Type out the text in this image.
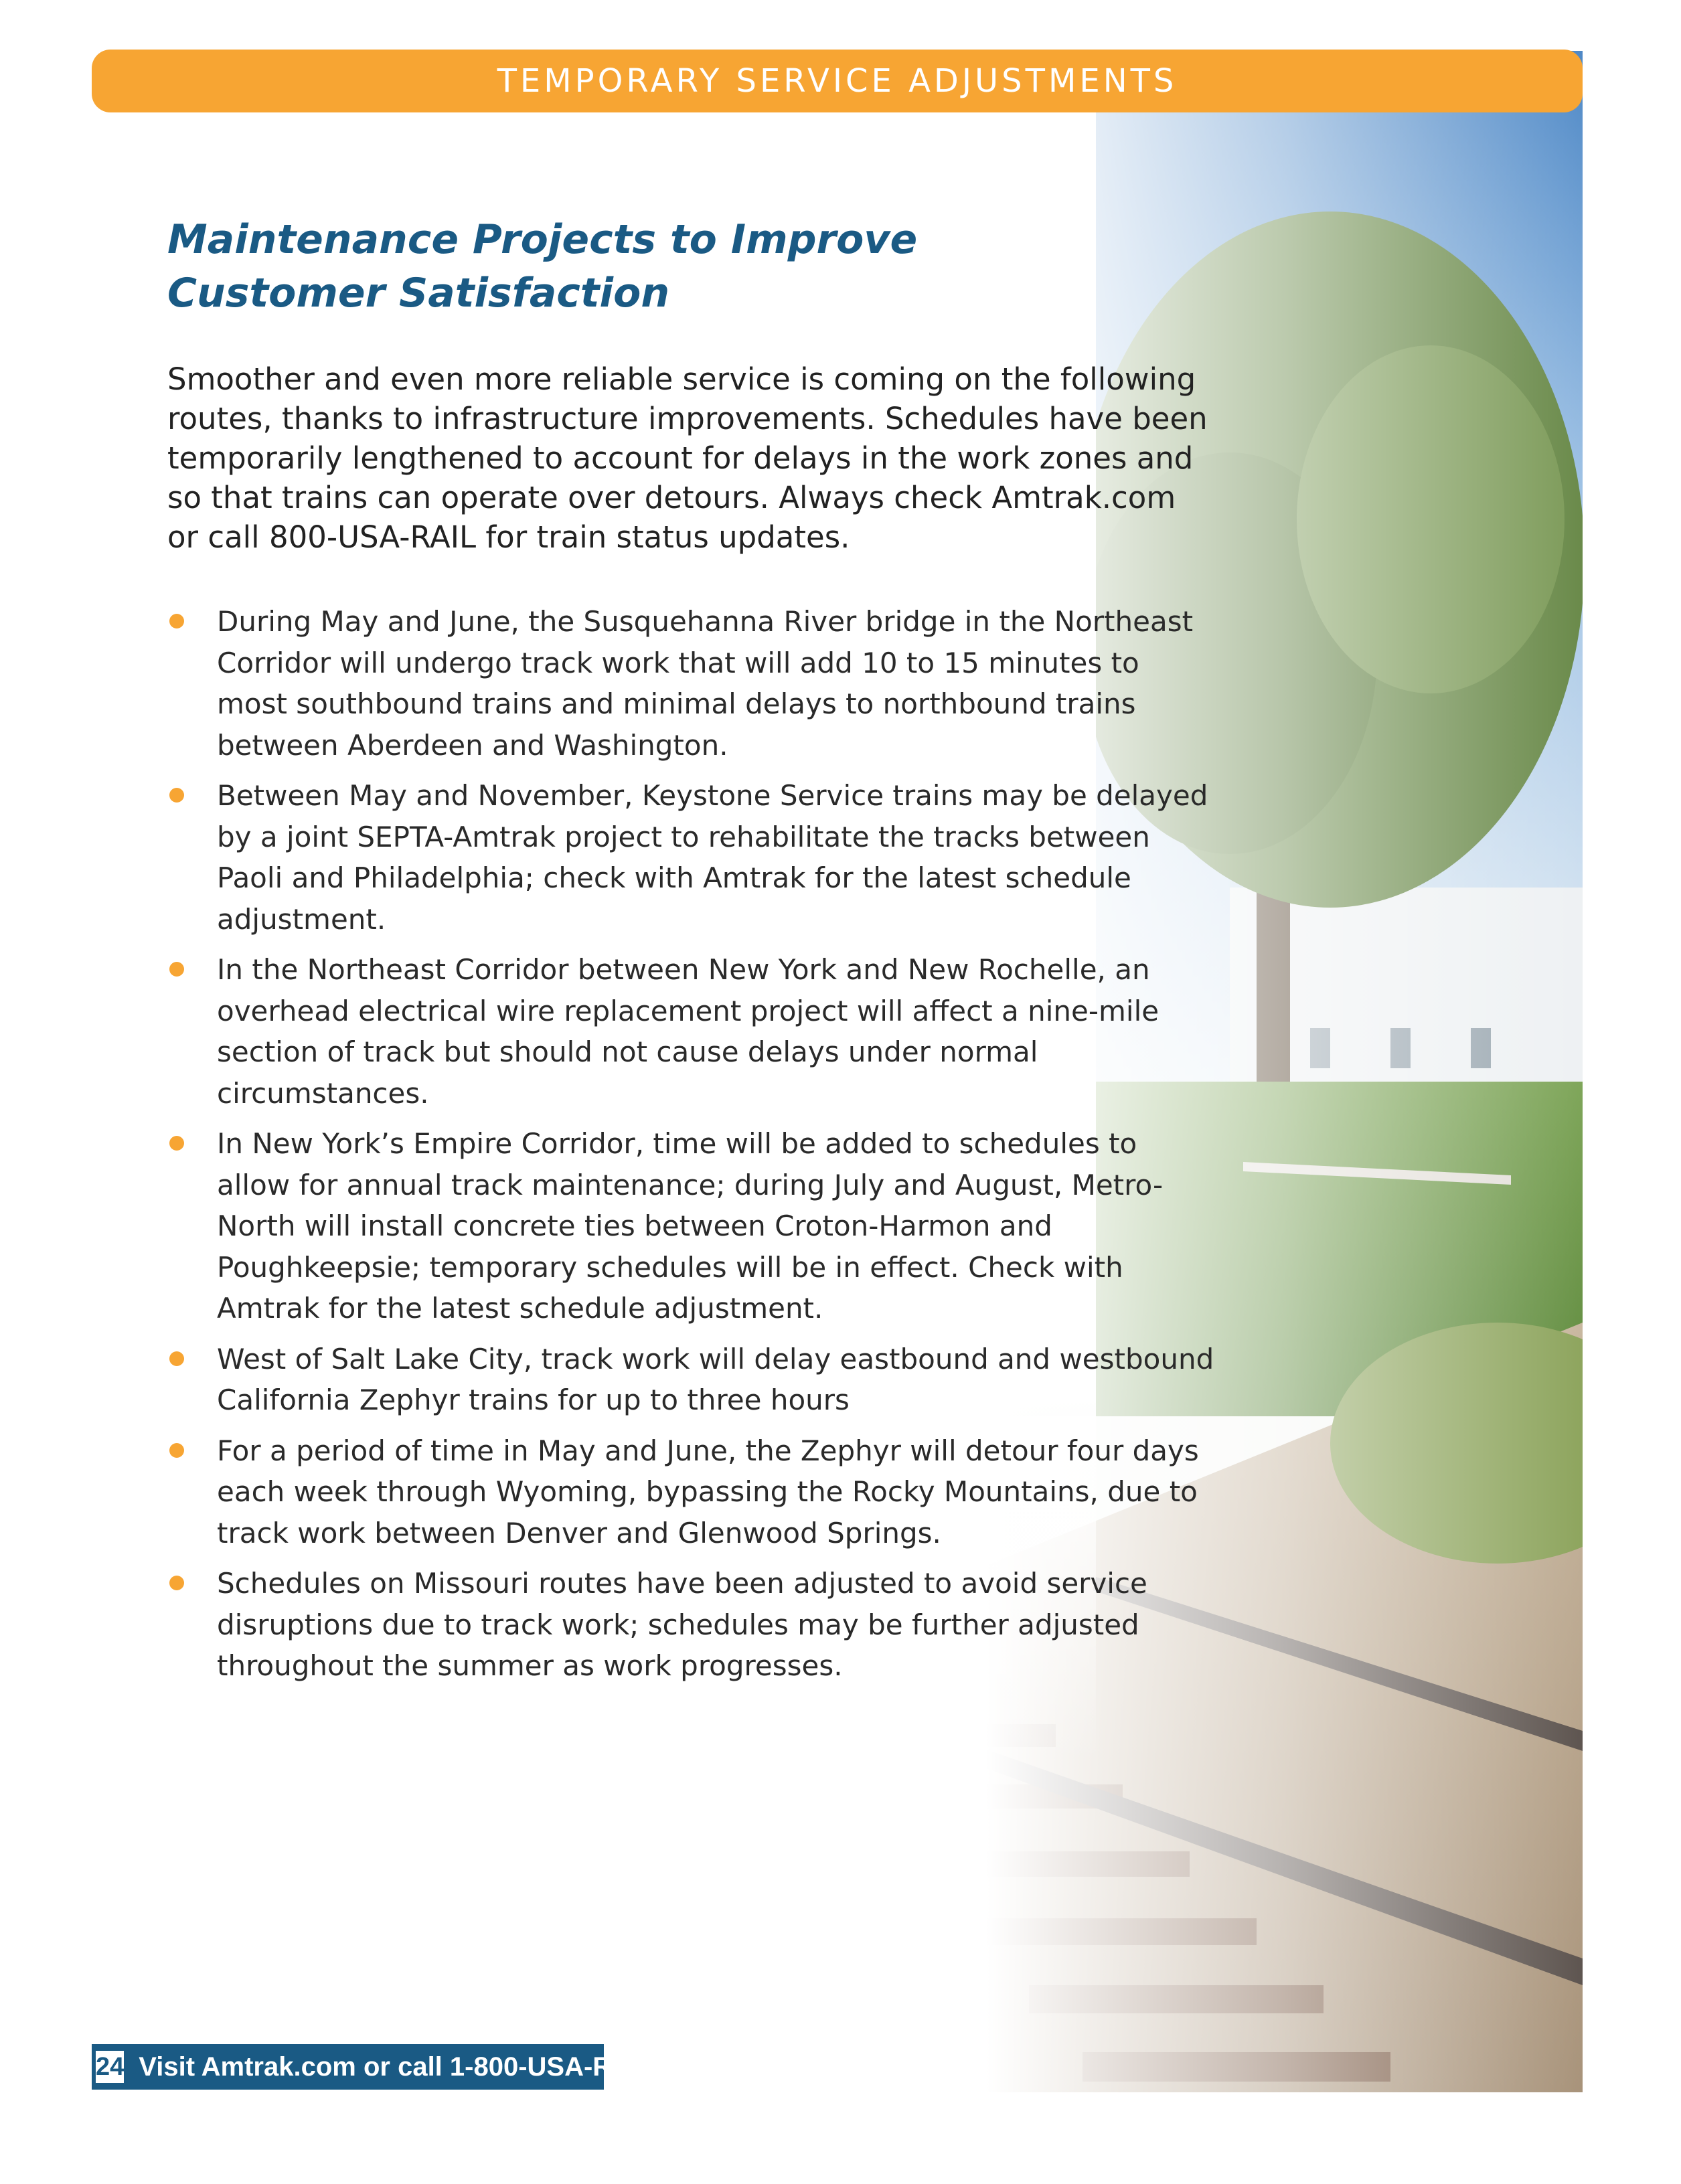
TEMPORARY SERVICE ADJUSTMENTS
Maintenance Projects to Improve
Customer Satisfaction
Smoother and even more reliable service is coming on the following
routes, thanks to infrastructure improvements. Schedules have been
temporarily lengthened to account for delays in the work zones and
so that trains can operate over detours. Always check Amtrak.com
or call 800-USA-RAIL for train status updates.
During May and June, the Susquehanna River bridge in the Northeast
Corridor will undergo track work that will add 10 to 15 minutes to
most southbound trains and minimal delays to northbound trains
between Aberdeen and Washington.
Between May and November, Keystone Service trains may be delayed
by a joint SEPTA-Amtrak project to rehabilitate the tracks between
Paoli and Philadelphia; check with Amtrak for the latest schedule
adjustment.
In the Northeast Corridor between New York and New Rochelle, an
overhead electrical wire replacement project will affect a nine-mile
section of track but should not cause delays under normal
circumstances.
In New York’s Empire Corridor, time will be added to schedules to
allow for annual track maintenance; during July and August, Metro-
North will install concrete ties between Croton-Harmon and
Poughkeepsie; temporary schedules will be in effect. Check with
Amtrak for the latest schedule adjustment.
West of Salt Lake City, track work will delay eastbound and westbound
California Zephyr trains for up to three hours
For a period of time in May and June, the Zephyr will detour four days
each week through Wyoming, bypassing the Rocky Mountains, due to
track work between Denver and Glenwood Springs.
Schedules on Missouri routes have been adjusted to avoid service
disruptions due to track work; schedules may be further adjusted
throughout the summer as work progresses.
24 Visit Amtrak.com or call 1-800-USA-RAIL
